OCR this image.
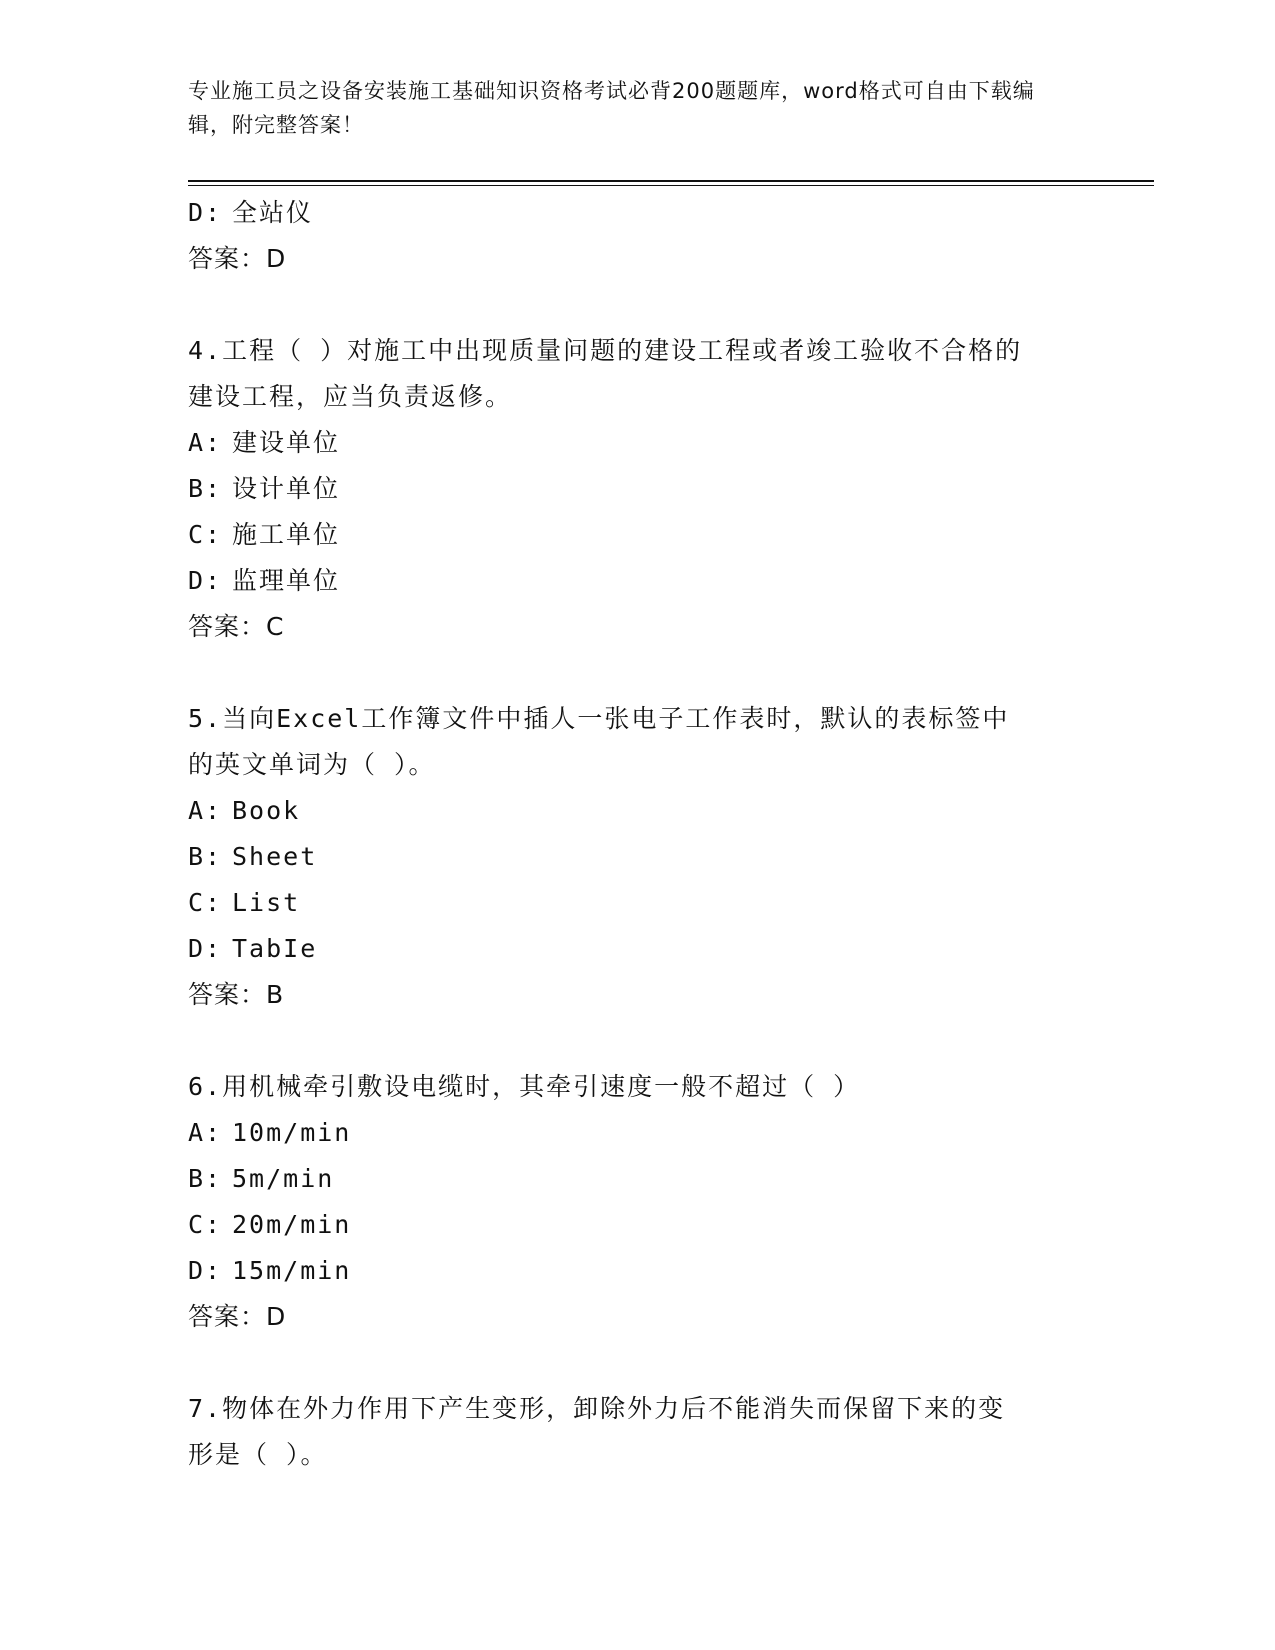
专业施工员之设备安装施工基础知识资格考试必背200题题库，word格式可自由下载编辑，附完整答案！
D: 全站仪
答案：D
4.工程（ ）对施工中出现质量问题的建设工程或者竣工验收不合格的
建设工程，应当负责返修。
A: 建设单位
B: 设计单位
C: 施工单位
D: 监理单位
答案：C
5.当向Excel工作簿文件中插人一张电子工作表时，默认的表标签中
的英文单词为（ ）。
A: Book
B: Sheet
C: List
D: TabIe
答案：B
6.用机械牵引敷设电缆时，其牵引速度一般不超过（ ）
A: 10m/min
B: 5m/min
C: 20m/min
D: 15m/min
答案：D
7.物体在外力作用下产生变形，卸除外力后不能消失而保留下来的变
形是（ ）。
